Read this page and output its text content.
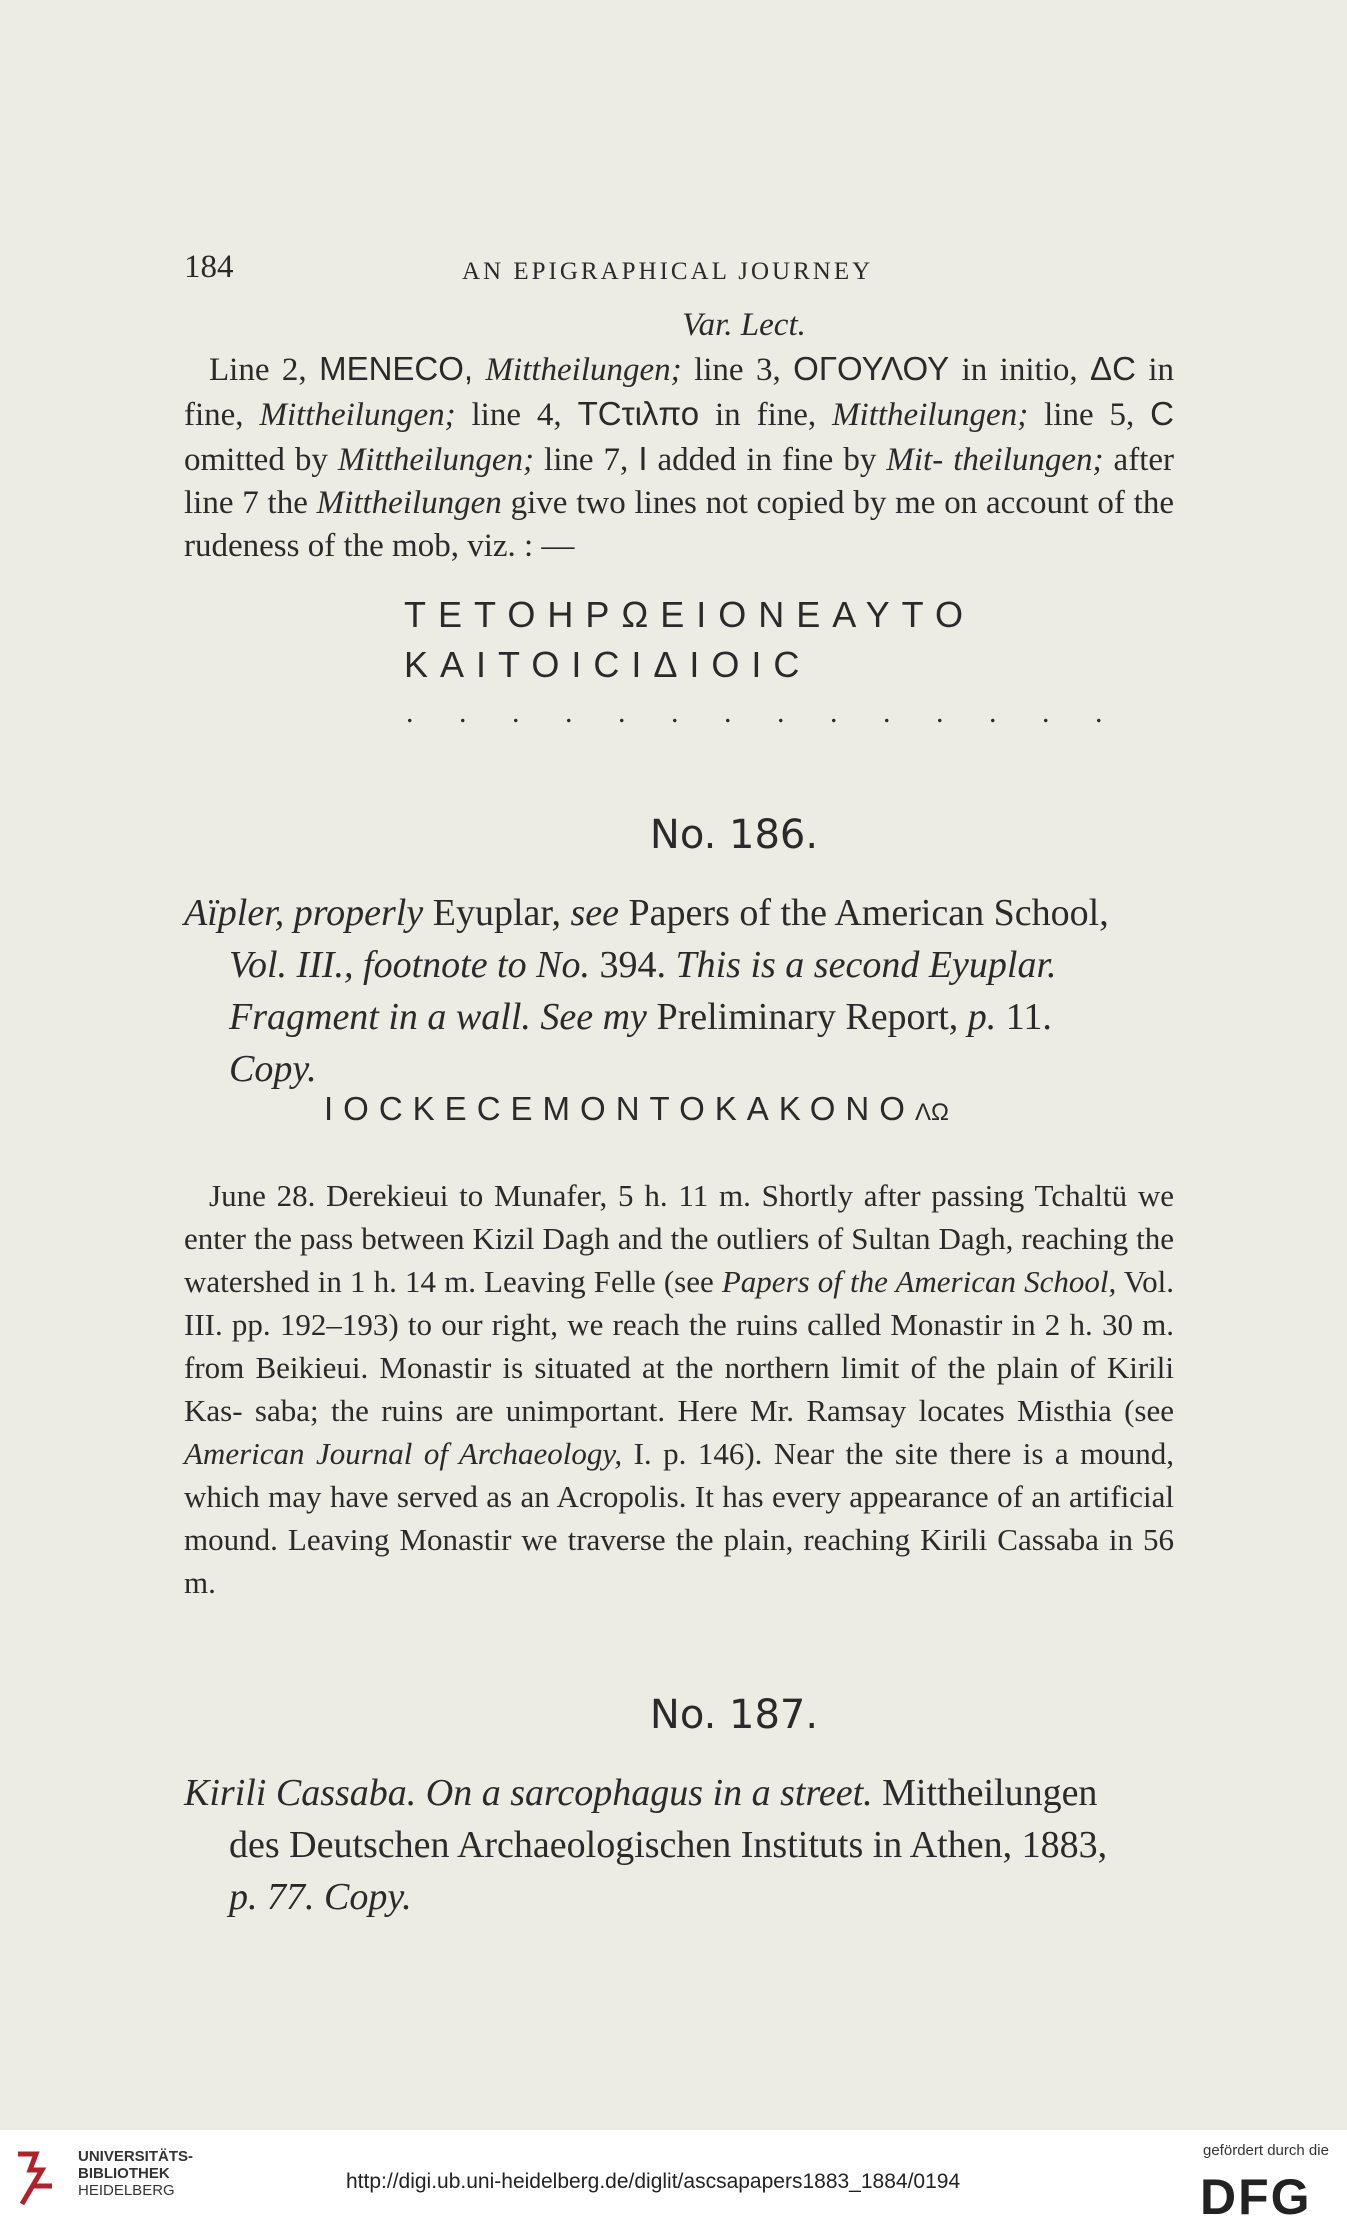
184	AN EPIGRAPHICAL JOURNEY

Var. Lect.

Line 2, ΜΕΝΕCΟ, Mittheilungen; line 3, ΟΓΟΥΛΟΥ in initio, ΔC in fine, Mittheilungen; line 4, TCτιλπο in fine, Mittheilungen; line 5, C omitted by Mittheilungen; line 7, I added in fine by Mit- theilungen; after line 7 the Mittheilungen give two lines not copied by me on account of the rudeness of the mob, viz. : —

ΤΕΤΟΗΡΩΕΙΟΝΕΑΥΤΟ
ΚΑΙΤΟΙCΙΔΙΟΙC
. . . . . . . . . . . . . .
No. 186.
Aïpler, properly Eyuplar, see Papers of the American School,
Vol. III., footnote to No. 394. This is a second Eyuplar.
Fragment in a wall. See my Preliminary Report, p. 11.
Copy.
ΙΟCΚΕCΕΜΟΝΤΟΚΑΚΟΝΟΛΩ

June 28. Derekieui to Munafer, 5 h. 11 m. Shortly after passing Tchaltü we enter the pass between Kizil Dagh and the outliers of Sultan Dagh, reaching the watershed in 1 h. 14 m. Leaving Felle (see Papers of the American School, Vol. III. pp. 192–193) to our right, we reach the ruins called Monastir in 2 h. 30 m. from Beikieui. Monastir is situated at the northern limit of the plain of Kirili Kas- saba; the ruins are unimportant. Here Mr. Ramsay locates Misthia (see American Journal of Archaeology, I. p. 146). Near the site there is a mound, which may have served as an Acropolis. It has every appearance of an artificial mound. Leaving Monastir we traverse the plain, reaching Kirili Cassaba in 56 m.

No. 187.
Kirili Cassaba. On a sarcophagus in a street. Mittheilungen
des Deutschen Archaeologischen Instituts in Athen, 1883,
p. 77. Copy.
UNIVERSITÄTS-
BIBLIOTHEK
HEIDELBERG	http://digi.ub.uni-heidelberg.de/diglit/ascsapapers1883_1884/0194
gefördert durch die
DFG
